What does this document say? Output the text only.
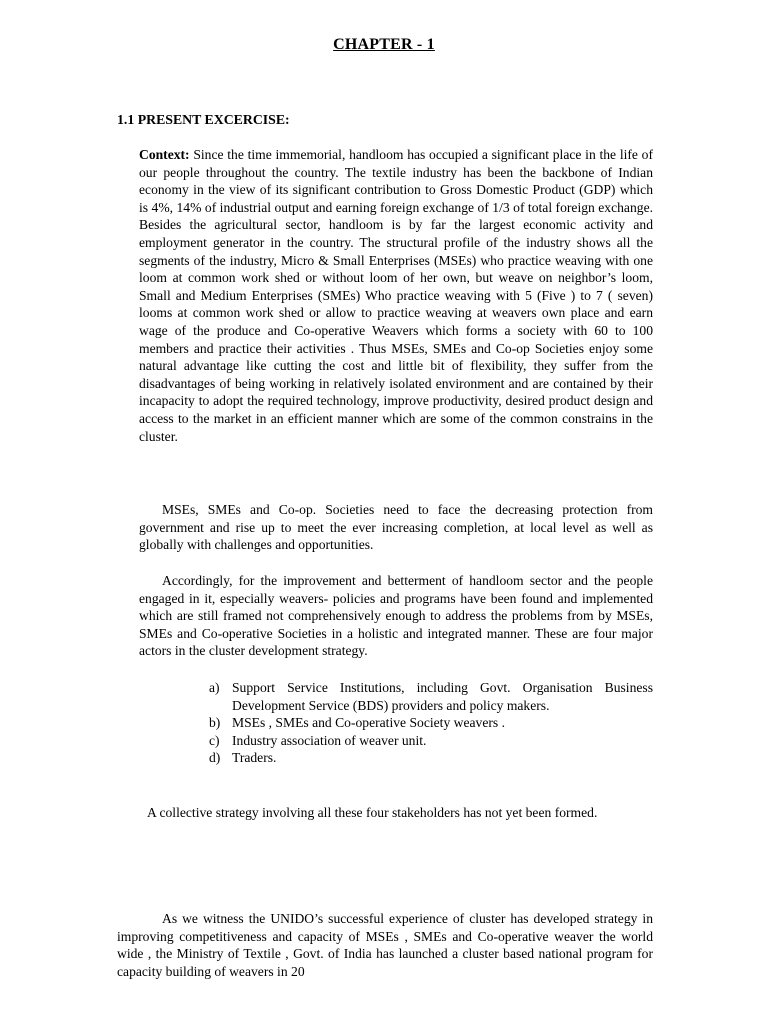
CHAPTER - 1
1.1 PRESENT EXCERCISE:

Context: Since the time immemorial, handloom has occupied a significant place in the life of our people throughout the country. The textile industry has been the backbone of Indian economy in the view of its significant contribution to Gross Domestic Product (GDP) which is 4%, 14% of industrial output and earning foreign exchange of 1/3 of total foreign exchange. Besides the agricultural sector, handloom is by far the largest economic activity and employment generator in the country. The structural profile of the industry shows all the segments of the industry, Micro & Small Enterprises (MSEs) who practice weaving with one loom at common work shed or without loom of her own, but weave on neighbor’s loom, Small and Medium Enterprises (SMEs) Who practice weaving with 5 (Five ) to 7 ( seven) looms at common work shed or allow to practice weaving at weavers own place and earn wage of the produce and Co-operative Weavers which forms a society with 60 to 100 members and practice their activities . Thus MSEs, SMEs and Co-op Societies enjoy some natural advantage like cutting the cost and little bit of flexibility, they suffer from the disadvantages of being working in relatively isolated environment and are contained by their incapacity to adopt the required technology, improve productivity, desired product design and access to the market in an efficient manner which are some of the common constrains in the cluster.

MSEs, SMEs and Co-op. Societies need to face the decreasing protection from government and rise up to meet the ever increasing completion, at local level as well as globally with challenges and opportunities.

Accordingly, for the improvement and betterment of handloom sector and the people engaged in it, especially weavers- policies and programs have been found and implemented which are still framed not comprehensively enough to address the problems from by MSEs, SMEs and Co-operative Societies in a holistic and integrated manner. These are four major actors in the cluster development strategy.

a) Support Service Institutions, including Govt. Organisation Business Development Service (BDS) providers and policy makers.
b) MSEs , SMEs and Co-operative Society weavers .
c) Industry association of weaver unit.
d) Traders.

A collective strategy involving all these four stakeholders has not yet been formed.

As we witness the UNIDO’s successful experience of cluster has developed strategy in improving competitiveness and capacity of MSEs , SMEs and Co-operative weaver the world wide , the Ministry of Textile , Govt. of India has launched a cluster based national program for capacity building of weavers in 20
